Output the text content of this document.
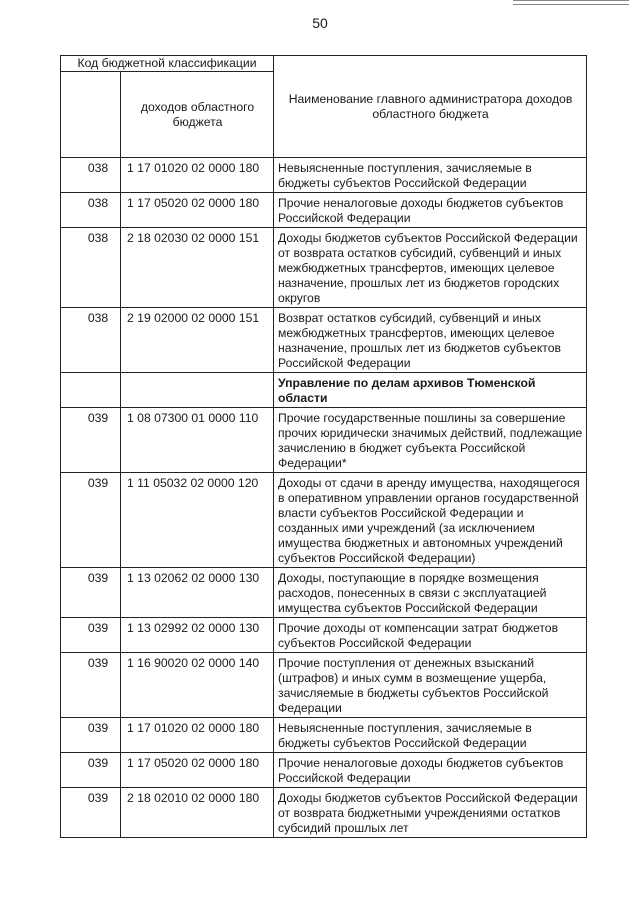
50
Код бюджетной классификации		Наименование главного администратора доходов областного бюджета
	доходов областного бюджета	
038	1 17 01020 02 0000 180	Невыясненные поступления, зачисляемые в бюджеты субъектов Российской Федерации
038	1 17 05020 02 0000 180	Прочие неналоговые доходы бюджетов субъектов Российской Федерации
038	2 18 02030 02 0000 151	Доходы бюджетов субъектов Российской Федерации от возврата остатков субсидий, субвенций и иных межбюджетных трансфертов, имеющих целевое назначение, прошлых лет из бюджетов городских округов
038	2 19 02000 02 0000 151	Возврат остатков субсидий, субвенций и иных межбюджетных трансфертов, имеющих целевое назначение, прошлых лет из бюджетов субъектов Российской Федерации
		Управление по делам архивов Тюменской области
039	1 08 07300 01 0000 110	Прочие государственные пошлины за совершение прочих юридически значимых действий, подлежащие зачислению в бюджет субъекта Российской Федерации*
039	1 11 05032 02 0000 120	Доходы от сдачи в аренду имущества, находящегося в оперативном управлении органов государственной власти субъектов Российской Федерации и созданных ими учреждений (за исключением имущества бюджетных и автономных учреждений субъектов Российской Федерации)
039	1 13 02062 02 0000 130	Доходы, поступающие в порядке возмещения расходов, понесенных в связи с эксплуатацией имущества субъектов Российской Федерации
039	1 13 02992 02 0000 130	Прочие доходы от компенсации затрат бюджетов субъектов Российской Федерации
039	1 16 90020 02 0000 140	Прочие поступления от денежных взысканий (штрафов) и иных сумм в возмещение ущерба, зачисляемые в бюджеты субъектов Российской Федерации
039	1 17 01020 02 0000 180	Невыясненные поступления, зачисляемые в бюджеты субъектов Российской Федерации
039	1 17 05020 02 0000 180	Прочие неналоговые доходы бюджетов субъектов Российской Федерации
039	2 18 02010 02 0000 180	Доходы бюджетов субъектов Российской Федерации от возврата бюджетными учреждениями остатков субсидий прошлых лет
